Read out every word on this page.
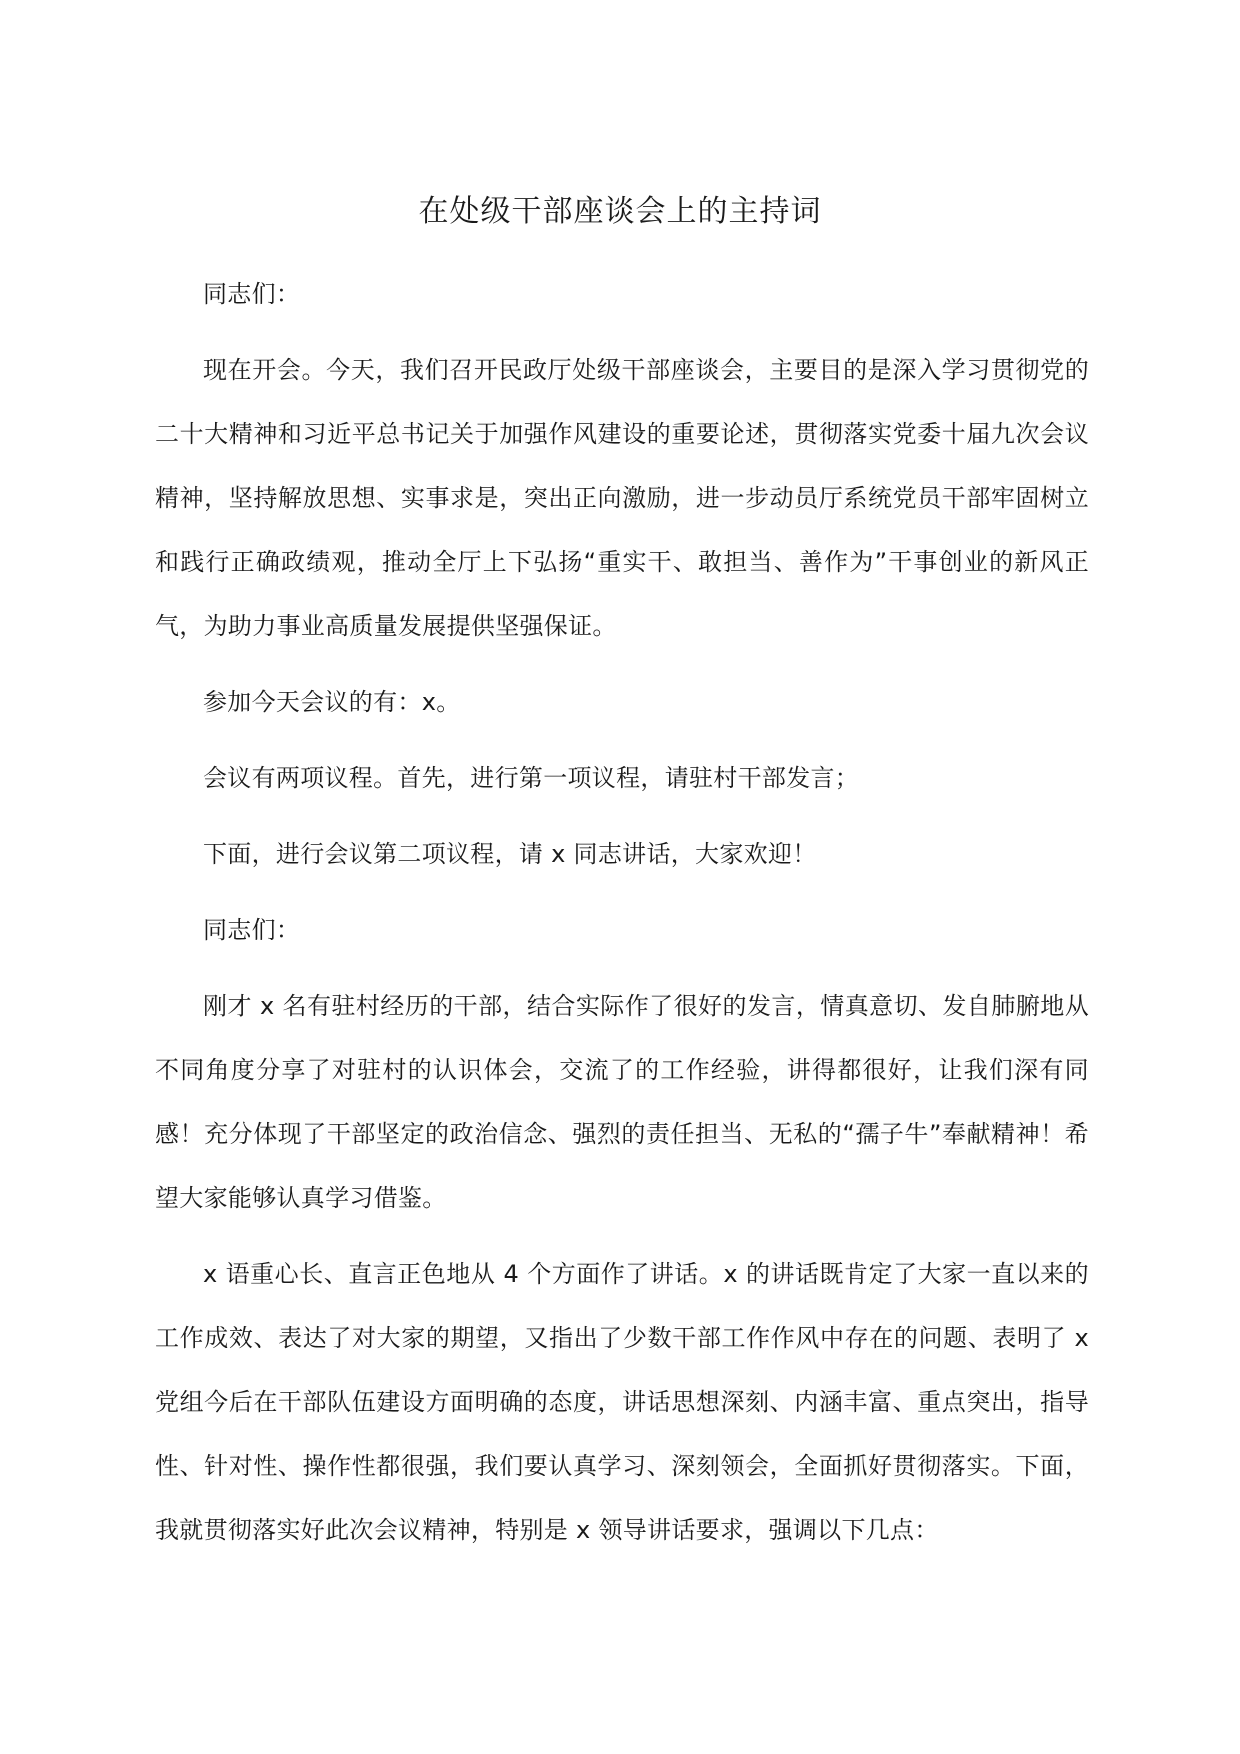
在处级干部座谈会上的主持词

同志们：

现在开会。今天，我们召开民政厅处级干部座谈会，主要目的是深入学习贯彻党的二十大精神和习近平总书记关于加强作风建设的重要论述，贯彻落实党委十届九次会议精神，坚持解放思想、实事求是，突出正向激励，进一步动员厅系统党员干部牢固树立和践行正确政绩观，推动全厅上下弘扬“重实干、敢担当、善作为”干事创业的新风正气，为助力事业高质量发展提供坚强保证。

参加今天会议的有：x。

会议有两项议程。首先，进行第一项议程，请驻村干部发言；

下面，进行会议第二项议程，请 x 同志讲话，大家欢迎！

同志们：

刚才 x 名有驻村经历的干部，结合实际作了很好的发言，情真意切、发自肺腑地从不同角度分享了对驻村的认识体会，交流了的工作经验，讲得都很好，让我们深有同感！充分体现了干部坚定的政治信念、强烈的责任担当、无私的“孺子牛”奉献精神！希望大家能够认真学习借鉴。

x 语重心长、直言正色地从 4 个方面作了讲话。x 的讲话既肯定了大家一直以来的工作成效、表达了对大家的期望，又指出了少数干部工作作风中存在的问题、表明了 x 党组今后在干部队伍建设方面明确的态度，讲话思想深刻、内涵丰富、重点突出，指导性、针对性、操作性都很强，我们要认真学习、深刻领会，全面抓好贯彻落实。下面，我就贯彻落实好此次会议精神，特别是 x 领导讲话要求，强调以下几点：
